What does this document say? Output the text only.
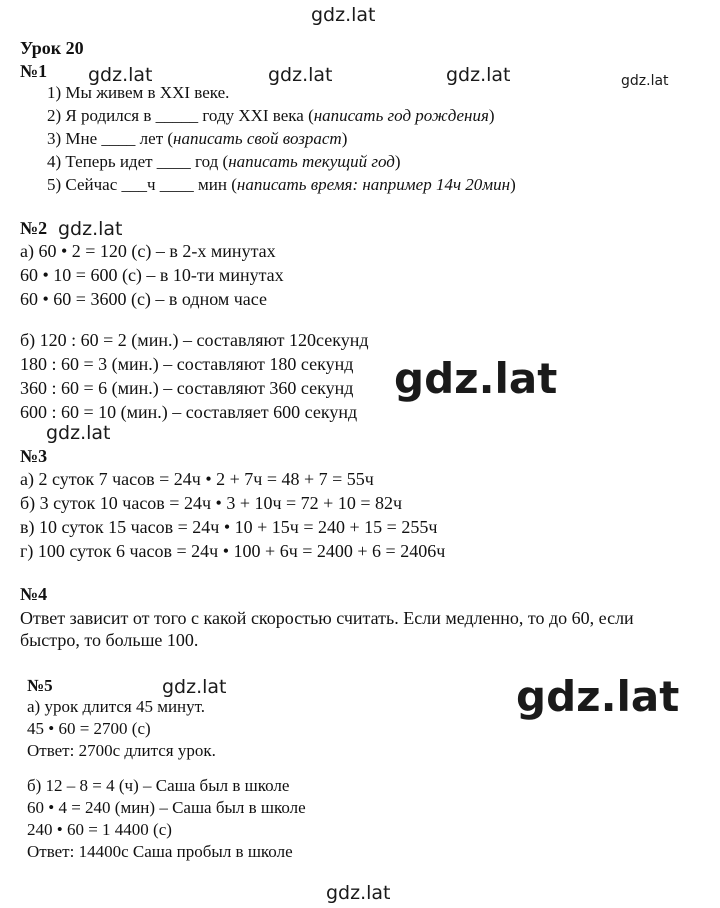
gdz.lat
gdz.lat	gdz.lat	gdz.lat	gdz.lat
gdz.lat
gdz.lat
gdz.lat
gdz.lat	gdz.lat
gdz.lat
Урок 20
№1
1) Мы живем в XXI веке.
2) Я родился в _____ году XXI века (написать год рождения)
3) Мне ____ лет (написать свой возраст)
4) Теперь идет ____ год (написать текущий год)
5) Сейчас ___ч ____ мин (написать время: например 14ч 20мин)
№2
а) 60 • 2 = 120 (с) – в 2-х минутах
60 • 10 = 600 (с) – в 10-ти минутах
60 • 60 = 3600 (с) – в одном часе
б) 120 : 60 = 2 (мин.) – составляют 120секунд
180 : 60 = 3 (мин.) – составляют 180 секунд
360 : 60 = 6 (мин.) – составляют 360 секунд
600 : 60 = 10 (мин.) – составляет 600 секунд
№3
а) 2 суток 7 часов = 24ч • 2 + 7ч = 48 + 7 = 55ч
б) 3 суток 10 часов = 24ч • 3 + 10ч = 72 + 10 = 82ч
в) 10 суток 15 часов = 24ч • 10 + 15ч = 240 + 15 = 255ч
г) 100 суток 6 часов = 24ч • 100 + 6ч = 2400 + 6 = 2406ч
№4
Ответ зависит от того с какой скоростью считать. Если медленно, то до 60, если
быстро, то больше 100.
№5
а) урок длится 45 минут.
45 • 60 = 2700 (с)
Ответ: 2700с длится урок.
б) 12 – 8 = 4 (ч) – Саша был в школе
60 • 4 = 240 (мин) – Саша был в школе
240 • 60 = 1 4400 (с)
Ответ: 14400с Саша пробыл в школе
